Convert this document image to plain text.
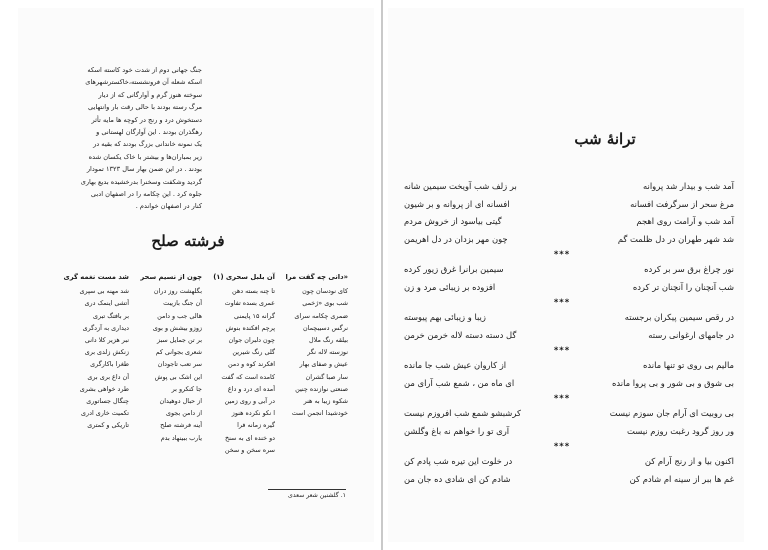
جنگ جهانی دوم از شدت خود کاسته اسکه

اسکه شعله آن فرونشسته،خاکسترشهرهای

سوخته هنوز گرم و آوارگانی که از دیار

مرگ رسته بودند با حالی رقت بار وانتهایی

دستخوش درد و رنج در کوچه ها مایه تأثر

رهگذران بودند . این آوارگان لهستانی و

یک نمونه خاندانی بزرگ بودند که بقیه در

زیر بمباران‌ها و بیشتر با خاک یکسان شده

بودند . در این ضمن بهار سال ۱۳۲۳ تمودار

گردید وشکفت وسخنرا بدرخشیده بدیع بهاری

جلوه کرد . این چکامه را در اصفهان ادبی

کنار در اصفهان خواندم .

فرشته صلح
«دانی چه گفت مرا
کای نودسان چون
شب بوی «ژخمی
ضمری چکامه سرای
نرگس دسیبچمان
بیلقه رنگ ملال
نوزسته لاله نگر
عیش و صفای بهار
سار صبا گشران
صنعتی نوازنده چنین
شکوه زیبا به هنر
خودشیدا انجمن است
آن بلبل سحری (۱)
تا چنه بسته دهن
عمری بسده تفاوت
گرانه ۱۵ پایمنی
پرچم افکنده بنوش
چون دلبران جوان
گلی رنگ شیرین
افکرند کوه و دمن
کامده است که گفت
آمده ای درد و داغ
در آبی و روی زمین
ا نکو نکرده هنوز
گیره زمانه فرا
دو خنده ای به سنخ
سره سخن و سخن
چون از نسیم سحر
بگلهشت روز دران
آن جنگ بازیبت
هالی جب و دامن
زوزو بیشش و بوی
بر تن جمایل سبز
شعری بجوانی کم
سر تعب تاجودان
این اشک بی پوش
جا کنکرو بر
از حبال دوهیدان
از دامن بجوی
آینه فرشته صلح
یارب ببینهاد بدم
شد مست نغمه گری
شد مهنه بی سپری
آتشی اینمک دری
بر بافتگ تبری
دیداری به آزدگری
نبر هزیر کلا دانی
زنکش زلدی بری
طغرا باکارگری
آن داغ بری بری
طرد خواهی بشری
چنگال جساتوری
تکمیت خاری ادری
تاریکی و کمتری
۱. گلشنین شعر سعدی
ترانهٔ شب
آمد شب و بیدار شد پروانه
بر زلف شب آویخت سیمین شانه
مرغ سحر از سرگرفت افسانه
افسانه ای از پروانه و بر شیون
آمد شب و آرامت روی اهجم
گیتی بیاسود از خروش مردم
شد شهر طهران در دل ظلمت گم
چون مهر بزدان در دل اهریمن
***
نور چراغ برق سر بر کرده
سیمین برانرا غرق زیور کرده
شب آنچنان را آنچنان تر کرده
افزوده بر زیبائی مرد و زن
***
در رقص سیمین پیکران برجسته
زیبا و زیبائی بهم پیوسته
در جامهای ارغوانی رسته
گل دسته دسته لاله خرمن خرمن
***
مالیم بی روی تو تنها مانده
از کاروان عیش شب جا مانده
بی شوق و بی شور و بی پروا مانده
ای ماه من ، شمع شب آرای من
***
بی روبیت ای آرام جان سوزم نیست
کرشبشو شمع شب افروزم نیست
ور روز گرود رغبت روزم نیست
آری تو را خواهم نه باغ وگلشن
***
اکنون بیا و از رنج آرام کن
در خلوت این تیره شب پادم کن
غم ها ببر از سینه ام شادم کن
شادم کن ای شادی ده جان من
